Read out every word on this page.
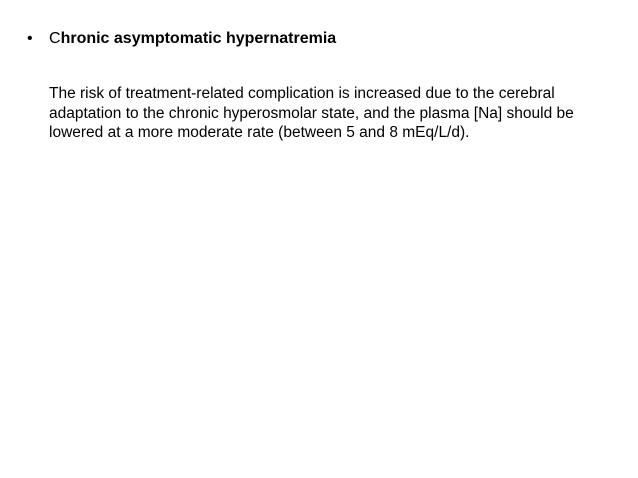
• Chronic asymptomatic hypernatremia
The risk of treatment-related complication is increased due to the cerebral adaptation to the chronic hyperosmolar state, and the plasma [Na] should be lowered at a more moderate rate (between 5 and 8 mEq/L/d).
